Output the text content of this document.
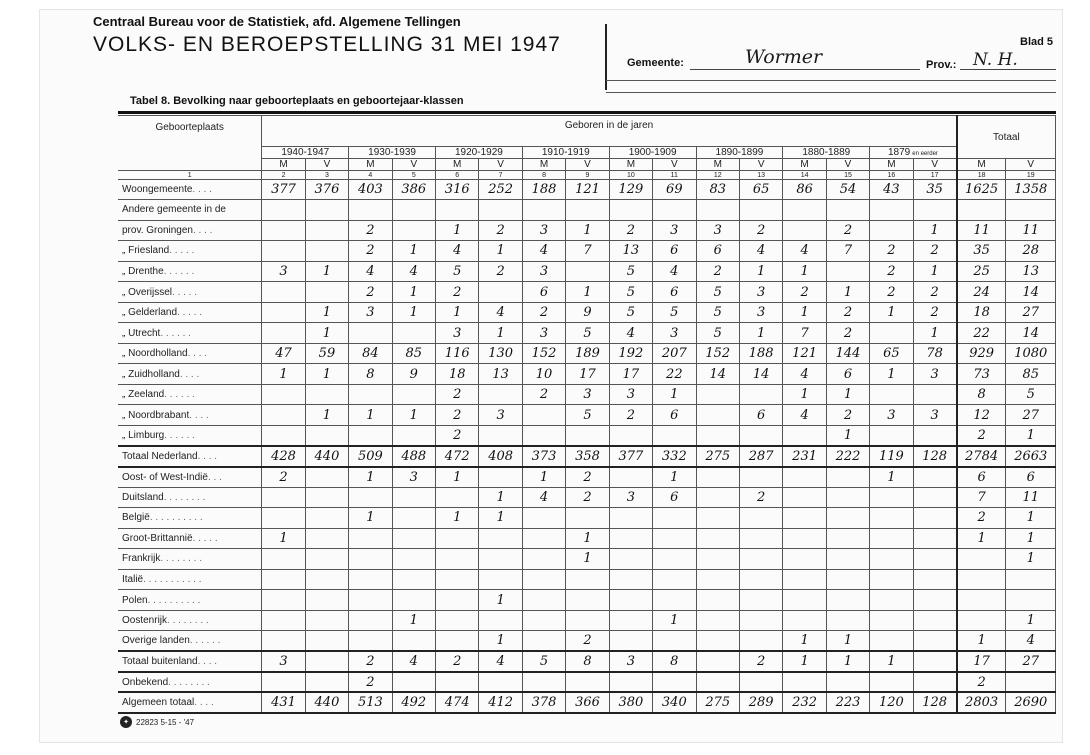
Centraal Bureau voor de Statistiek, afd. Algemene Tellingen
VOLKS- EN BEROEPSTELLING 31 MEI 1947	Blad 5
Gemeente:	Wormer	Prov.: N. H.
Tabel 8. Bevolking naar geboorteplaats en geboortejaar-klassen
Geboorteplaats	Geboren in de jaren																Totaal	
	1940-1947		1930-1939		1920-1929		1910-1919		1900-1909		1890-1899		1880-1889		1879 en eerder			
	M	V	M	V	M	V	M	V	M	V	M	V	M	V	M	V	M	V
1	2	3	4	5	6	7	8	9	10	11	12	13	14	15	16	17	18	19
Woongemeente. . . .	377	376	403	386	316	252	188	121	129	69	83	65	86	54	43	35	1625	1358
Andere gemeente in de																		
prov. Groningen. . . .			2		1	2	3	1	2	3	3	2		2		1	11	11
„ Friesland. . . . .			2	1	4	1	4	7	13	6	6	4	4	7	2	2	35	28
„ Drenthe. . . . . .	3	1	4	4	5	2	3		5	4	2	1	1		2	1	25	13
„ Overijssel. . . . .			2	1	2		6	1	5	6	5	3	2	1	2	2	24	14
„ Gelderland. . . . .		1	3	1	1	4	2	9	5	5	5	3	1	2	1	2	18	27
„ Utrecht. . . . . .		1			3	1	3	5	4	3	5	1	7	2		1	22	14
„ Noordholland. . . .	47	59	84	85	116	130	152	189	192	207	152	188	121	144	65	78	929	1080
„ Zuidholland. . . .	1	1	8	9	18	13	10	17	17	22	14	14	4	6	1	3	73	85
„ Zeeland. . . . . .					2		2	3	3	1			1	1			8	5
„ Noordbrabant. . . .		1	1	1	2	3		5	2	6		6	4	2	3	3	12	27
„ Limburg. . . . . .					2									1			2	1
Totaal Nederland. . . .	428	440	509	488	472	408	373	358	377	332	275	287	231	222	119	128	2784	2663
Oost- of West-Indië. . .	2		1	3	1		1	2		1					1		6	6
Duitsland. . . . . . . .						1	4	2	3	6		2					7	11
België. . . . . . . . . .			1		1	1											2	1
Groot-Brittannië. . . . .	1							1									1	1
Frankrijk. . . . . . . .								1										1
Italië. . . . . . . . . . .																		
Polen. . . . . . . . . .						1												
Oostenrijk. . . . . . . .				1						1								1
Overige landen. . . . . .						1		2					1	1			1	4
Totaal buitenland. . . .	3		2	4	2	4	5	8	3	8		2	1	1	1		17	27
Onbekend. . . . . . . .			2														2	
Algemeen totaal. . . .	431	440	513	492	474	412	378	366	380	340	275	289	232	223	120	128	2803	2690
✦ 22823 5-15 - '47
